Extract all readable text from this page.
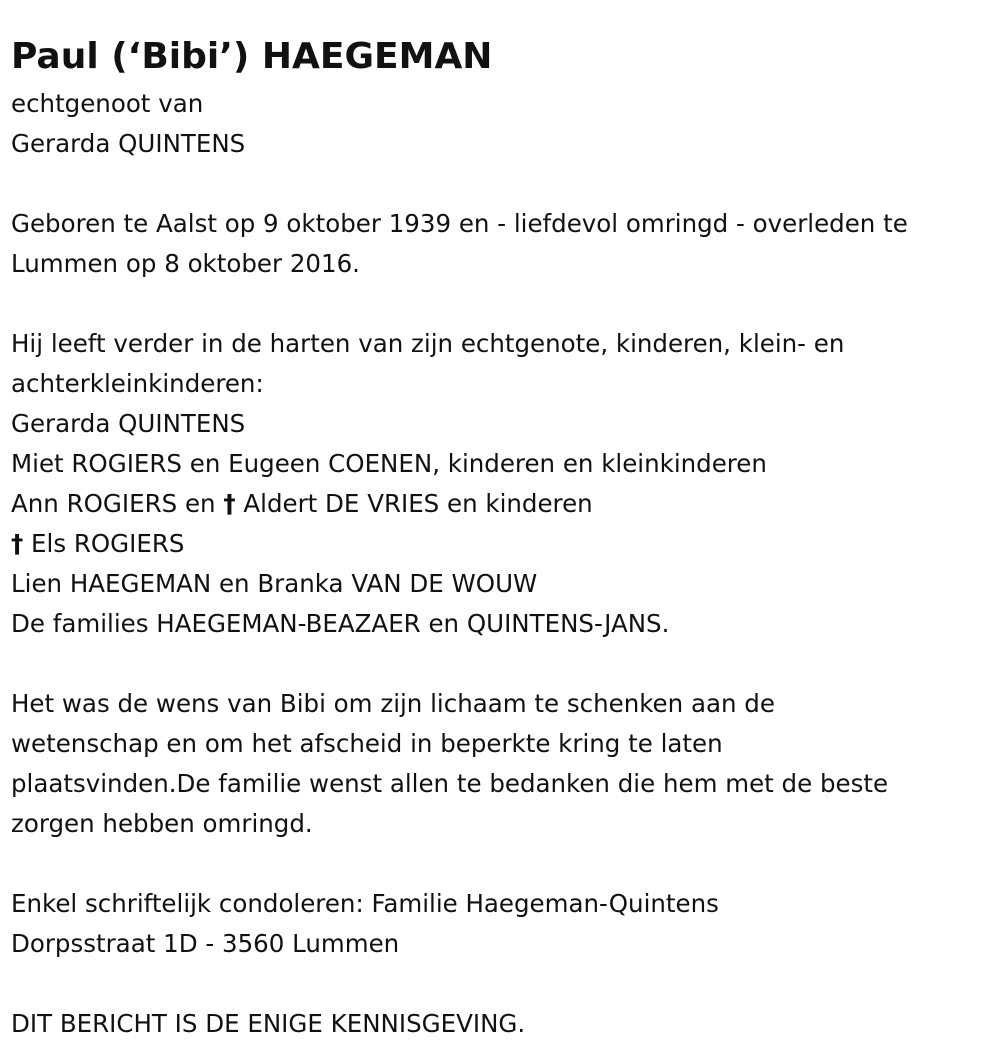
Paul (‘Bibi’) HAEGEMAN

echtgenoot van

Gerarda QUINTENS

Geboren te Aalst op 9 oktober 1939 en - liefdevol omringd - overleden te

Lummen op 8 oktober 2016.

Hij leeft verder in de harten van zijn echtgenote, kinderen, klein- en

achterkleinkinderen:

Gerarda QUINTENS

Miet ROGIERS en Eugeen COENEN, kinderen en kleinkinderen

Ann ROGIERS en † Aldert DE VRIES en kinderen

† Els ROGIERS

Lien HAEGEMAN en Branka VAN DE WOUW

De families HAEGEMAN-BEAZAER en QUINTENS-JANS.

Het was de wens van Bibi om zijn lichaam te schenken aan de

wetenschap en om het afscheid in beperkte kring te laten

plaatsvinden.De familie wenst allen te bedanken die hem met de beste

zorgen hebben omringd.

Enkel schriftelijk condoleren: Familie Haegeman-Quintens

Dorpsstraat 1D - 3560 Lummen

DIT BERICHT IS DE ENIGE KENNISGEVING.
